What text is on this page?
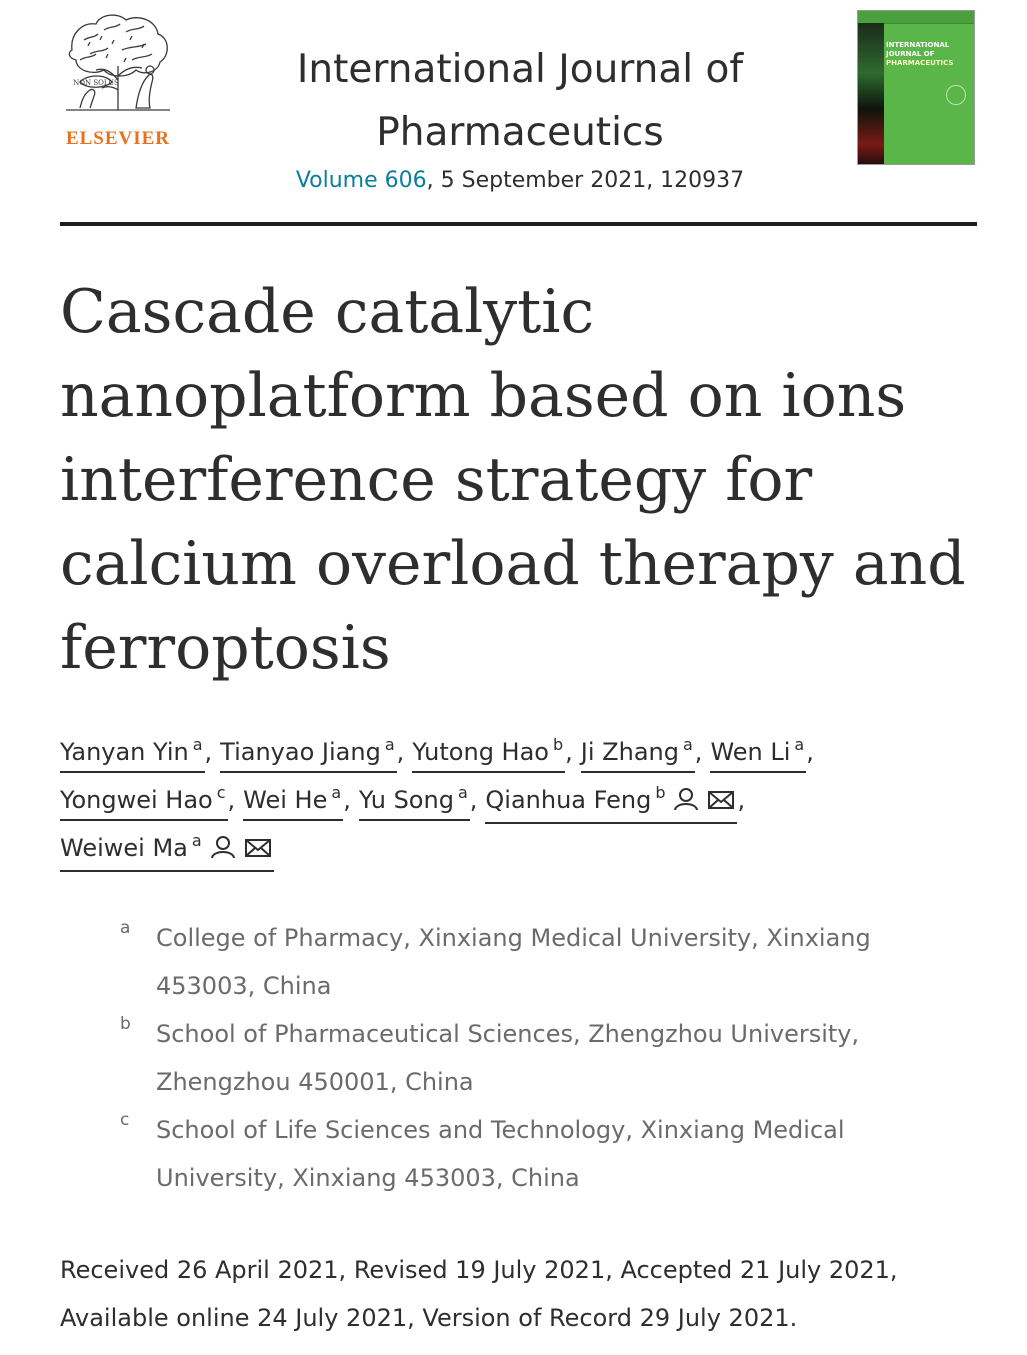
NON SOLUS
ELSEVIER
International Journal of
Pharmaceutics
Volume 606, 5 September 2021, 120937
INTERNATIONAL JOURNAL OF
PHARMACEUTICS
Cascade catalytic nanoplatform based on ions interference strategy for calcium overload therapy and ferroptosis
Yanyan Yin $^a$, Tianyao Jiang $^a$, Yutong Hao $^b$, Ji Zhang $^a$, Wen Li $^a$,
Yongwei Hao $^c$, Wei He $^a$, Yu Song $^a$, Qianhua Feng $^b$	,
Weiwei Ma $^a$
a College of Pharmacy, Xinxiang Medical University, Xinxiang 453003, China
b School of Pharmaceutical Sciences, Zhengzhou University, Zhengzhou 450001, China
c School of Life Sciences and Technology, Xinxiang Medical University, Xinxiang 453003, China
Received 26 April 2021, Revised 19 July 2021, Accepted 21 July 2021, Available online 24 July 2021, Version of Record 29 July 2021.
